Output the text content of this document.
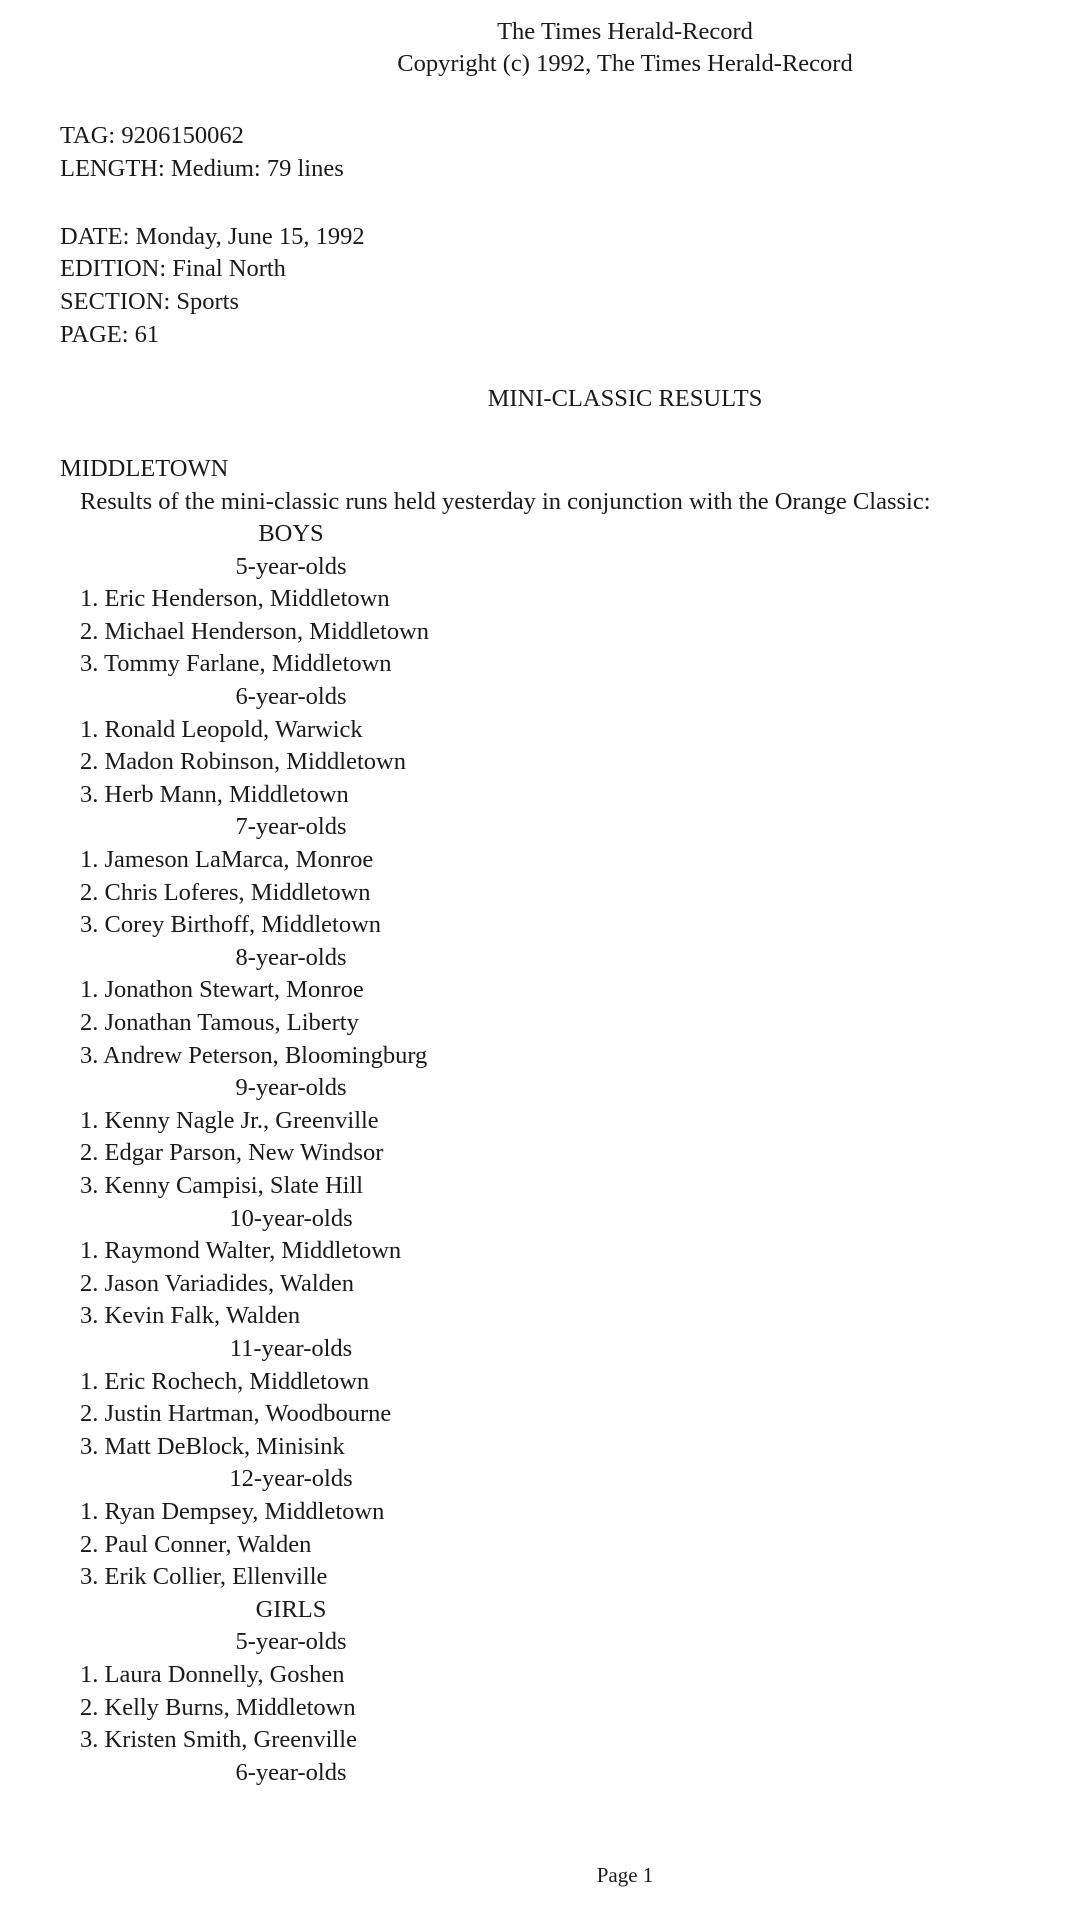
The Times Herald-Record
Copyright (c) 1992, The Times Herald-Record
TAG: 9206150062
LENGTH: Medium: 79 lines
DATE: Monday, June 15, 1992
EDITION: Final North
SECTION: Sports
PAGE: 61
MINI-CLASSIC RESULTS
MIDDLETOWN
Results of the mini-classic runs held yesterday in conjunction with the Orange Classic:
BOYS
5-year-olds
1. Eric Henderson, Middletown
2. Michael Henderson, Middletown
3. Tommy Farlane, Middletown
6-year-olds
1. Ronald Leopold, Warwick
2. Madon Robinson, Middletown
3. Herb Mann, Middletown
7-year-olds
1. Jameson LaMarca, Monroe
2. Chris Loferes, Middletown
3. Corey Birthoff, Middletown
8-year-olds
1. Jonathon Stewart, Monroe
2. Jonathan Tamous, Liberty
3. Andrew Peterson, Bloomingburg
9-year-olds
1. Kenny Nagle Jr., Greenville
2. Edgar Parson, New Windsor
3. Kenny Campisi, Slate Hill
10-year-olds
1. Raymond Walter, Middletown
2. Jason Variadides, Walden
3. Kevin Falk, Walden
11-year-olds
1. Eric Rochech, Middletown
2. Justin Hartman, Woodbourne
3. Matt DeBlock, Minisink
12-year-olds
1. Ryan Dempsey, Middletown
2. Paul Conner, Walden
3. Erik Collier, Ellenville
GIRLS
5-year-olds
1. Laura Donnelly, Goshen
2. Kelly Burns, Middletown
3. Kristen Smith, Greenville
6-year-olds
Page 1
